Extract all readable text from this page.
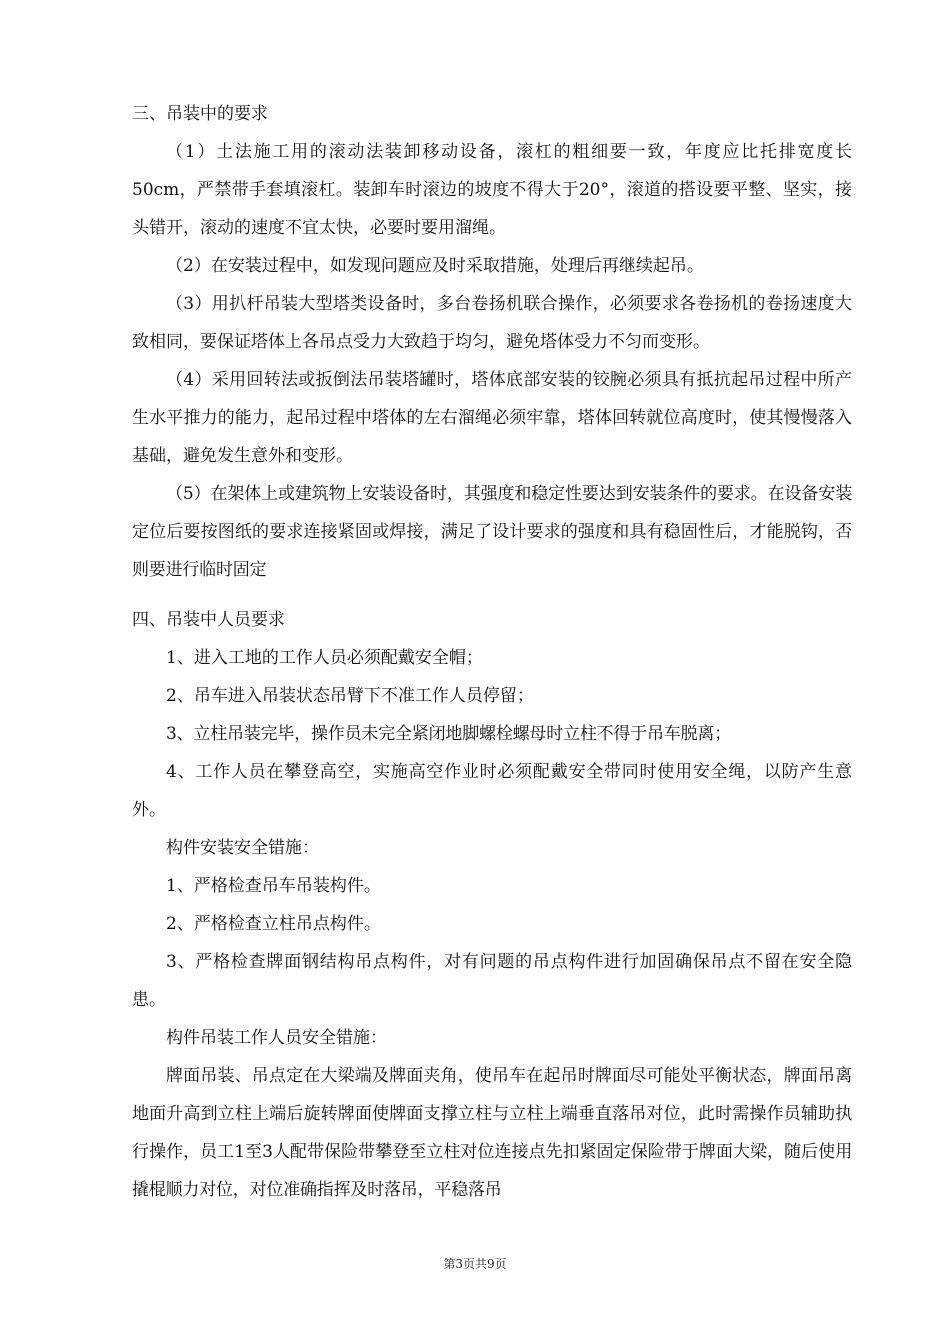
三、吊装中的要求

（1）土法施工用的滚动法装卸移动设备，滚杠的粗细要一致，年度应比托排宽度长50cm，严禁带手套填滚杠。装卸车时滚边的坡度不得大于20°，滚道的搭设要平整、坚实，接头错开，滚动的速度不宜太快，必要时要用溜绳。

（2）在安装过程中，如发现问题应及时采取措施，处理后再继续起吊。

（3）用扒杆吊装大型塔类设备时，多台卷扬机联合操作，必须要求各卷扬机的卷扬速度大致相同，要保证塔体上各吊点受力大致趋于均匀，避免塔体受力不匀而变形。

（4）采用回转法或扳倒法吊装塔罐时，塔体底部安装的铰腕必须具有抵抗起吊过程中所产生水平推力的能力，起吊过程中塔体的左右溜绳必须牢靠，塔体回转就位高度时，使其慢慢落入基础，避免发生意外和变形。

（5）在架体上或建筑物上安装设备时，其强度和稳定性要达到安装条件的要求。在设备安装定位后要按图纸的要求连接紧固或焊接，满足了设计要求的强度和具有稳固性后，才能脱钩，否则要进行临时固定

四、吊装中人员要求

1、进入工地的工作人员必须配戴安全帽；

2、吊车进入吊装状态吊臂下不准工作人员停留；

3、立柱吊装完毕，操作员未完全紧闭地脚螺栓螺母时立柱不得于吊车脱离；

4、工作人员在攀登高空，实施高空作业时必须配戴安全带同时使用安全绳，以防产生意外。

构件安装安全错施：

1、严格检查吊车吊装构件。

2、严格检查立柱吊点构件。

3、严格检查牌面钢结构吊点构件，对有问题的吊点构件进行加固确保吊点不留在安全隐患。

构件吊装工作人员安全错施：

牌面吊装、吊点定在大梁端及牌面夹角，使吊车在起吊时牌面尽可能处平衡状态，牌面吊离地面升高到立柱上端后旋转牌面使牌面支撑立柱与立柱上端垂直落吊对位，此时需操作员辅助执行操作，员工1至3人配带保险带攀登至立柱对位连接点先扣紧固定保险带于牌面大梁，随后使用撬棍顺力对位，对位准确指挥及时落吊，平稳落吊

第3页共9页
